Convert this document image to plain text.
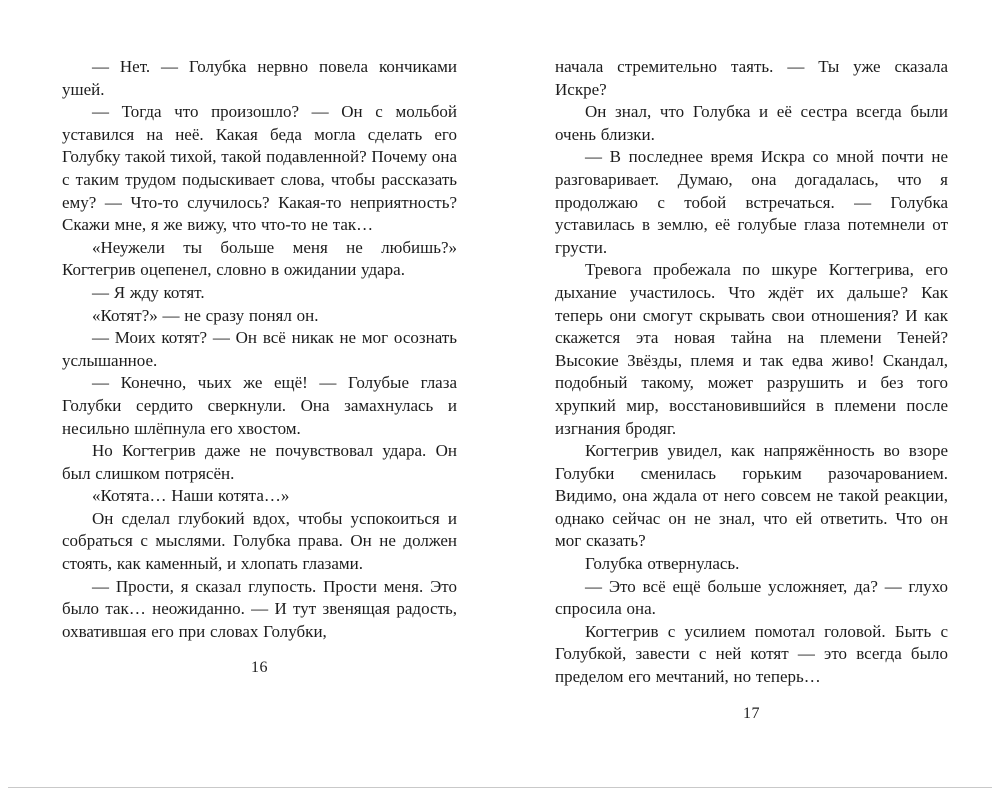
— Нет. — Голубка нервно повела кончиками ушей.

— Тогда что произошло? — Он с мольбой уставился на неё. Какая беда могла сделать его Голубку такой тихой, такой подавленной? Почему она с таким трудом подыскивает слова, чтобы рассказать ему? — Что-то случилось? Какая-то неприятность? Скажи мне, я же вижу, что что-то не так…

«Неужели ты больше меня не любишь?» Когтегрив оцепенел, словно в ожидании удара.

— Я жду котят.

«Котят?» — не сразу понял он.

— Моих котят? — Он всё никак не мог осознать услышанное.

— Конечно, чьих же ещё! — Голубые глаза Голубки сердито сверкнули. Она замахнулась и несильно шлёпнула его хвостом.

Но Когтегрив даже не почувствовал удара. Он был слишком потрясён.

«Котята… Наши котята…»

Он сделал глубокий вдох, чтобы успокоиться и собраться с мыслями. Голубка права. Он не должен стоять, как каменный, и хлопать глазами.

— Прости, я сказал глупость. Прости меня. Это было так… неожиданно. — И тут звенящая радость, охватившая его при словах Голубки,

16

начала стремительно таять. — Ты уже сказала Искре?

Он знал, что Голубка и её сестра всегда были очень близки.

— В последнее время Искра со мной почти не разговаривает. Думаю, она догадалась, что я продолжаю с тобой встречаться. — Голубка уставилась в землю, её голубые глаза потемнели от грусти.

Тревога пробежала по шкуре Когтегрива, его дыхание участилось. Что ждёт их дальше? Как теперь они смогут скрывать свои отношения? И как скажется эта новая тайна на племени Теней? Высокие Звёзды, племя и так едва живо! Скандал, подобный такому, может разрушить и без того хрупкий мир, восстановившийся в племени после изгнания бродяг.

Когтегрив увидел, как напряжённость во взоре Голубки сменилась горьким разочарованием. Видимо, она ждала от него совсем не такой реакции, однако сейчас он не знал, что ей ответить. Что он мог сказать?

Голубка отвернулась.

— Это всё ещё больше усложняет, да? — глухо спросила она.

Когтегрив с усилием помотал головой. Быть с Голубкой, завести с ней котят — это всегда было пределом его мечтаний, но теперь…

17
